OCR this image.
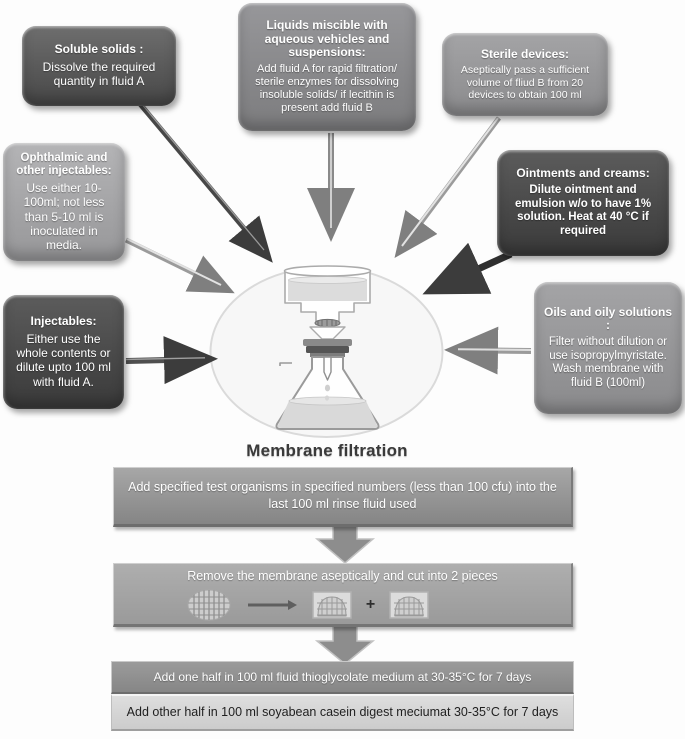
Soluble solids :
Dissolve the required quantity in fluid A
Liquids miscible with aqueous vehicles and suspensions:
Add fluid A for rapid filtration/ sterile enzymes for dissolving insoluble solids/ if lecithin is present add fluid B
Sterile devices:
Aseptically pass a sufficient volume of fliud B from 20 devices to obtain 100 ml
Ophthalmic and other injectables:
Use either 10-100ml; not less than 5-10 ml is inoculated in media.
Ointments and creams:
Dilute ointment and emulsion w/o to have 1% solution. Heat at 40 °C if required
Injectables:
Either use the whole contents or dilute upto 100 ml with fluid A.
Oils and oily solutions :
Filter without dilution or use isopropylmyristate. Wash membrane with fluid B (100ml)
Membrane filtration
Add specified test organisms in specified numbers (less than 100 cfu) into the last 100 ml rinse fluid used
Remove the membrane aseptically and cut into 2 pieces
+
Add one half in 100 ml fluid thioglycolate medium at 30-35°C for 7 days
Add other half in 100 ml soyabean casein digest meciumat 30-35°C for 7 days
